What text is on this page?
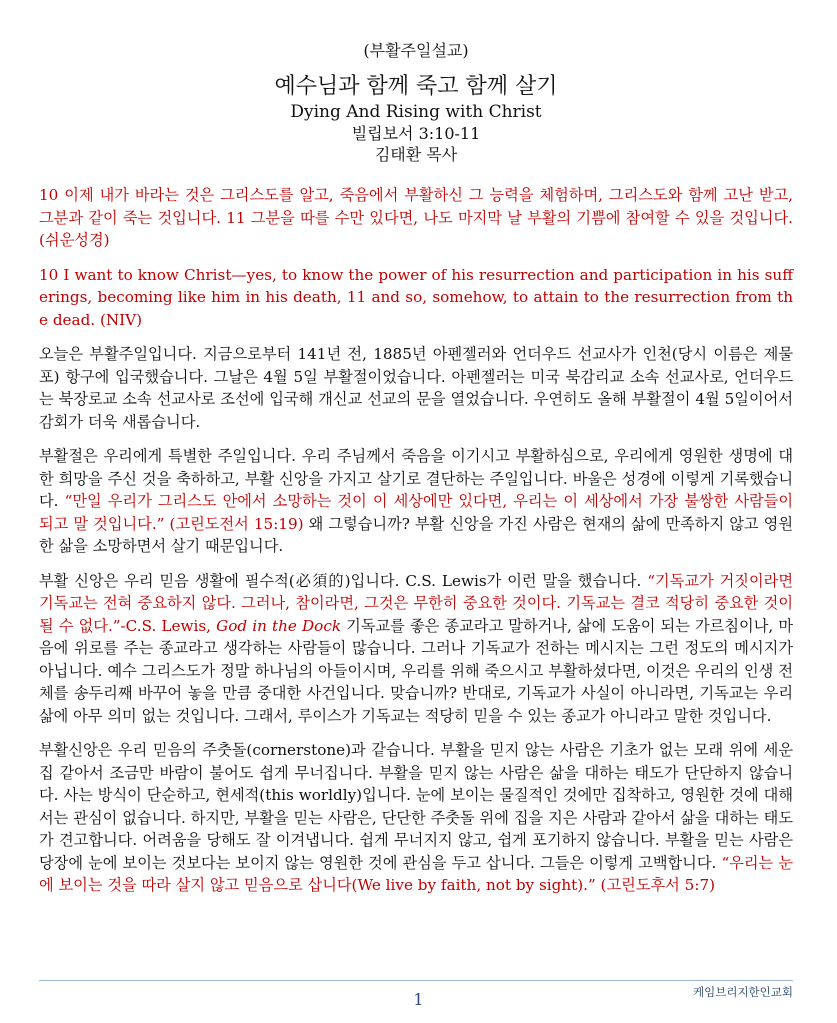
(부활주일설교)
예수님과 함께 죽고 함께 살기
Dying And Rising with Christ
빌립보서 3:10-11
김태환 목사

10 이제 내가 바라는 것은 그리스도를 알고, 죽음에서 부활하신 그 능력을 체험하며, 그리스도와 함께 고난 받고, 그분과 같이 죽는 것입니다. 11 그분을 따를 수만 있다면, 나도 마지막 날 부활의 기쁨에 참여할 수 있을 것입니다. (쉬운성경)

10 I want to know Christ—yes, to know the power of his resurrection and participation in his sufferings, becoming like him in his death, 11 and so, somehow, to attain to the resurrection from the dead. (NIV)

오늘은 부활주일입니다. 지금으로부터 141년 전, 1885년 아펜젤러와 언더우드 선교사가 인천(당시 이름은 제물포) 항구에 입국했습니다. 그날은 4월 5일 부활절이었습니다. 아펜젤러는 미국 북감리교 소속 선교사로, 언더우드는 북장로교 소속 선교사로 조선에 입국해 개신교 선교의 문을 열었습니다. 우연히도 올해 부활절이 4월 5일이어서 감회가 더욱 새롭습니다.

부활절은 우리에게 특별한 주일입니다. 우리 주님께서 죽음을 이기시고 부활하심으로, 우리에게 영원한 생명에 대한 희망을 주신 것을 축하하고, 부활 신앙을 가지고 살기로 결단하는 주일입니다. 바울은 성경에 이렇게 기록했습니다. “만일 우리가 그리스도 안에서 소망하는 것이 이 세상에만 있다면, 우리는 이 세상에서 가장 불쌍한 사람들이 되고 말 것입니다.” (고린도전서 15:19) 왜 그렇습니까? 부활 신앙을 가진 사람은 현재의 삶에 만족하지 않고 영원한 삶을 소망하면서 살기 때문입니다.

부활 신앙은 우리 믿음 생활에 필수적(必須的)입니다. C.S. Lewis가 이런 말을 했습니다. “기독교가 거짓이라면 기독교는 전혀 중요하지 않다. 그러나, 참이라면, 그것은 무한히 중요한 것이다. 기독교는 결코 적당히 중요한 것이 될 수 없다.”-C.S. Lewis, God in the Dock 기독교를 좋은 종교라고 말하거나, 삶에 도움이 되는 가르침이나, 마음에 위로를 주는 종교라고 생각하는 사람들이 많습니다. 그러나 기독교가 전하는 메시지는 그런 정도의 메시지가 아닙니다. 예수 그리스도가 정말 하나님의 아들이시며, 우리를 위해 죽으시고 부활하셨다면, 이것은 우리의 인생 전체를 송두리째 바꾸어 놓을 만큼 중대한 사건입니다. 맞습니까? 반대로, 기독교가 사실이 아니라면, 기독교는 우리 삶에 아무 의미 없는 것입니다. 그래서, 루이스가 기독교는 적당히 믿을 수 있는 종교가 아니라고 말한 것입니다.

부활신앙은 우리 믿음의 주춧돌(cornerstone)과 같습니다. 부활을 믿지 않는 사람은 기초가 없는 모래 위에 세운 집 같아서 조금만 바람이 불어도 쉽게 무너집니다. 부활을 믿지 않는 사람은 삶을 대하는 태도가 단단하지 않습니다. 사는 방식이 단순하고, 현세적(this worldly)입니다. 눈에 보이는 물질적인 것에만 집착하고, 영원한 것에 대해서는 관심이 없습니다. 하지만, 부활을 믿는 사람은, 단단한 주춧돌 위에 집을 지은 사람과 같아서 삶을 대하는 태도가 견고합니다. 어려움을 당해도 잘 이겨냅니다. 쉽게 무너지지 않고, 쉽게 포기하지 않습니다. 부활을 믿는 사람은 당장에 눈에 보이는 것보다는 보이지 않는 영원한 것에 관심을 두고 삽니다. 그들은 이렇게 고백합니다. “우리는 눈에 보이는 것을 따라 살지 않고 믿음으로 삽니다(We live by faith, not by sight).” (고린도후서 5:7)

케임브리지한인교회
1
